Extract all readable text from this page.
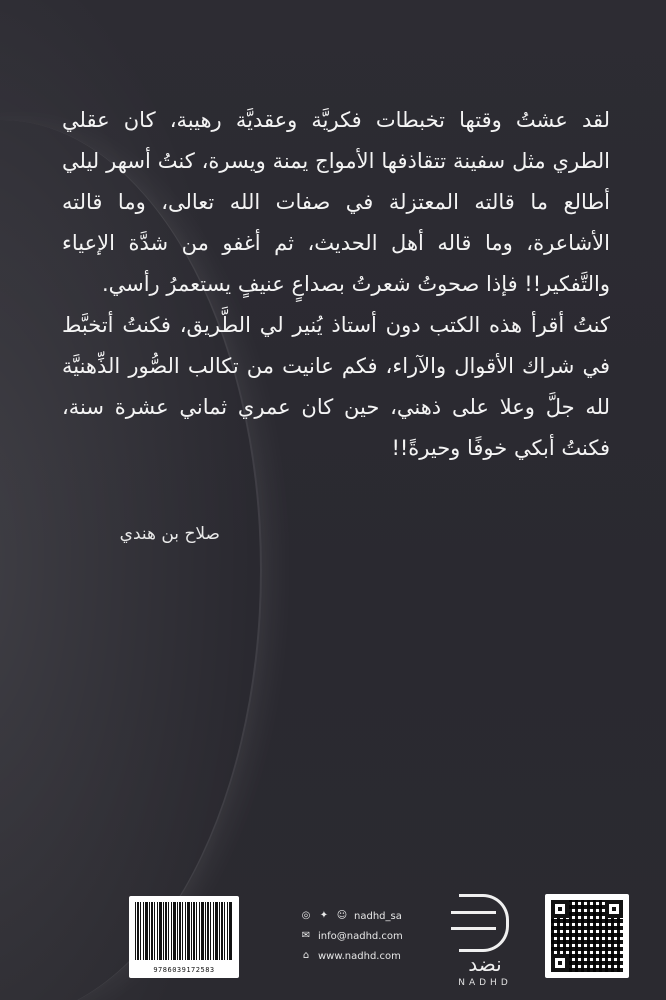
لقد عشتُ وقتها تخبطات فكريَّة وعقديَّة رهيبة، كان عقلي الطري مثل سفينة تتقاذفها الأمواج يمنة ويسرة، كنتُ أسهر ليلي أطالع ما قالته المعتزلة في صفات الله تعالى، وما قالته الأشاعرة، وما قاله أهل الحديث، ثم أغفو من شدَّة الإعياء والتَّفكير!! فإذا صحوتُ شعرتُ بصداعٍ عنيفٍ يستعمرُ رأسي.

كنتُ أقرأ هذه الكتب دون أستاذ يُنير لي الطَّريق، فكنتُ أتخبَّط في شراك الأقوال والآراء، فكم عانيت من تكالب الصُّور الذِّهنيَّة لله جلَّ وعلا على ذهني، حين كان عمري ثماني عشرة سنة، فكنتُ أبكي خوفًا وحيرةً!!

صلاح بن هندي
9786039172583
◎ ✦ ☺ nadhd_sa
✉ info@nadhd.com
⌂ www.nadhd.com	نضد
NADHD
